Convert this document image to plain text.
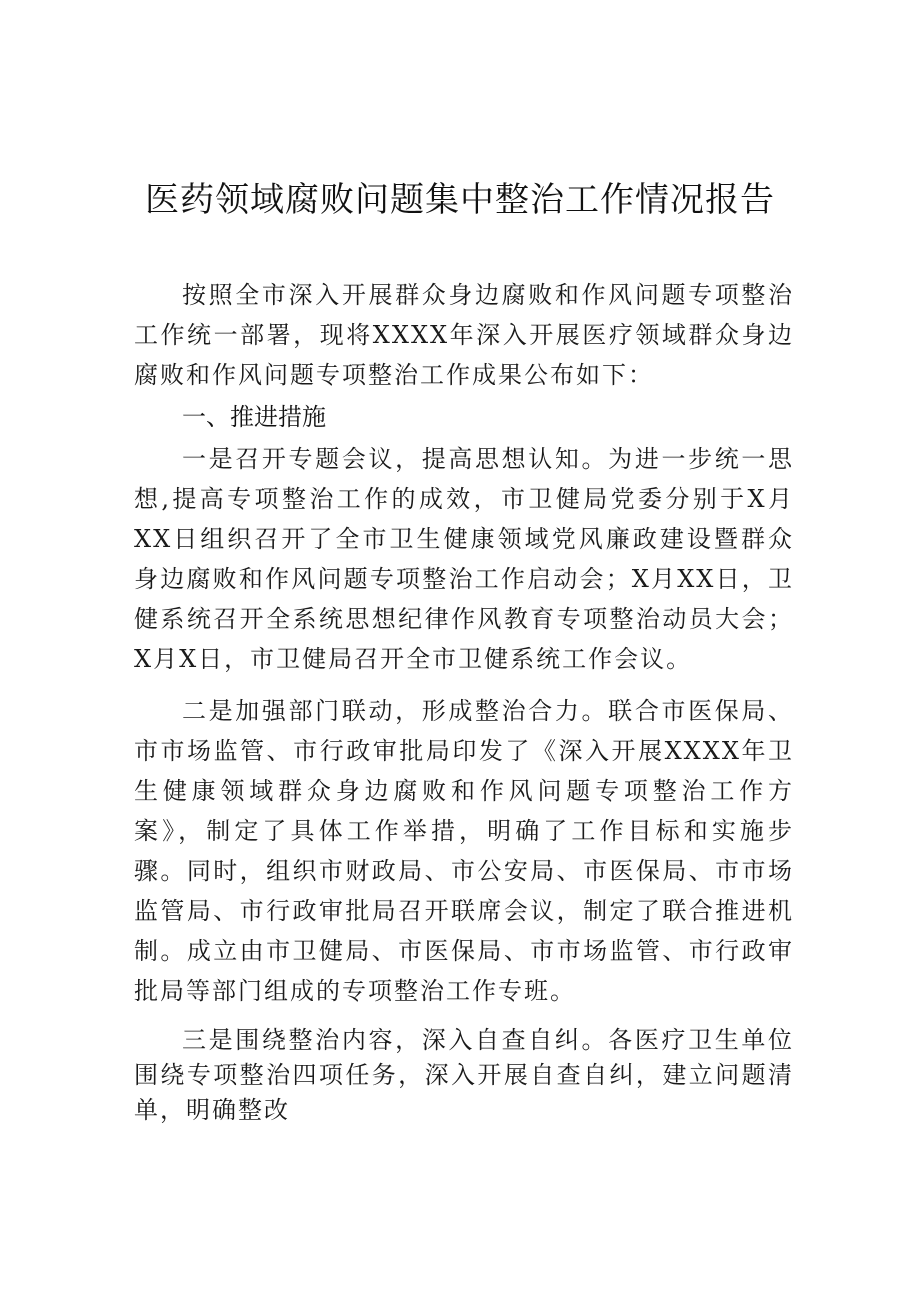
医药领域腐败问题集中整治工作情况报告

按照全市深入开展群众身边腐败和作风问题专项整治工作统一部署，现将XXXX年深入开展医疗领域群众身边腐败和作风问题专项整治工作成果公布如下：

一、推进措施

一是召开专题会议，提高思想认知。为进一步统一思想,提高专项整治工作的成效，市卫健局党委分别于X月XX日组织召开了全市卫生健康领域党风廉政建设暨群众身边腐败和作风问题专项整治工作启动会；X月XX日，卫健系统召开全系统思想纪律作风教育专项整治动员大会；X月X日，市卫健局召开全市卫健系统工作会议。

二是加强部门联动，形成整治合力。联合市医保局、市市场监管、市行政审批局印发了《深入开展XXXX年卫生健康领域群众身边腐败和作风问题专项整治工作方案》，制定了具体工作举措，明确了工作目标和实施步骤。同时，组织市财政局、市公安局、市医保局、市市场监管局、市行政审批局召开联席会议，制定了联合推进机制。成立由市卫健局、市医保局、市市场监管、市行政审批局等部门组成的专项整治工作专班。

三是围绕整治内容，深入自查自纠。各医疗卫生单位围绕专项整治四项任务，深入开展自查自纠，建立问题清单，明确整改
